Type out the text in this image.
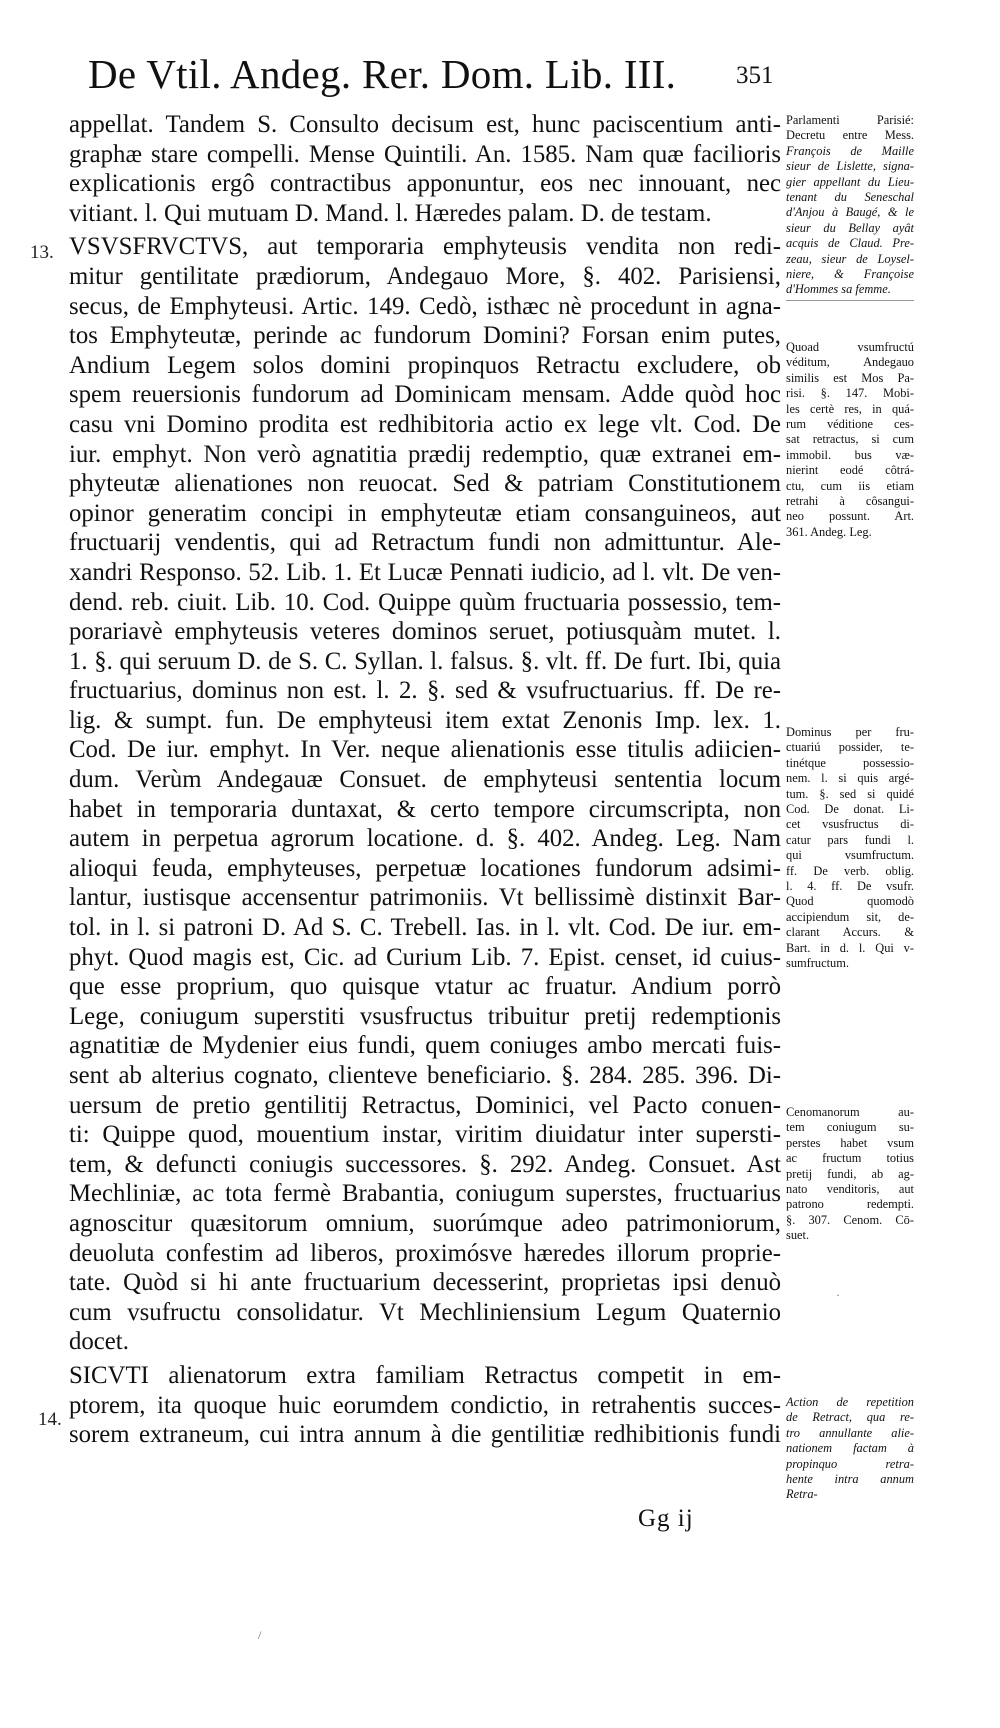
De Vtil. Andeg. Rer. Dom. Lib. III. 351
13.
14.
appellat. Tandem S. Consulto decisum est, hunc paciscentium anti-
graphæ stare compelli. Mense Quintili. An. 1585. Nam quæ facilioris
explicationis ergô contractibus apponuntur, eos nec innouant, nec
vitiant. l. Qui mutuam D. Mand. l. Hæredes palam. D. de testam.
VSVSFRVCTVS, aut temporaria emphyteusis vendita non redi-
mitur gentilitate prædiorum, Andegauo More, §. 402. Parisiensi,
secus, de Emphyteusi. Artic. 149. Cedò, isthæc nè procedunt in agna-
tos Emphyteutæ, perinde ac fundorum Domini? Forsan enim putes,
Andium Legem solos domini propinquos Retractu excludere, ob
spem reuersionis fundorum ad Dominicam mensam. Adde quòd hoc
casu vni Domino prodita est redhibitoria actio ex lege vlt. Cod. De
iur. emphyt. Non verò agnatitia prædij redemptio, quæ extranei em-
phyteutæ alienationes non reuocat. Sed & patriam Constitutionem
opinor generatim concipi in emphyteutæ etiam consanguineos, aut
fructuarij vendentis, qui ad Retractum fundi non admittuntur. Ale-
xandri Responso. 52. Lib. 1. Et Lucæ Pennati iudicio, ad l. vlt. De ven-
dend. reb. ciuit. Lib. 10. Cod. Quippe quùm fructuaria possessio, tem-
porariavè emphyteusis veteres dominos seruet, potiusquàm mutet. l.
1. §. qui seruum D. de S. C. Syllan. l. falsus. §. vlt. ff. De furt. Ibi, quia
fructuarius, dominus non est. l. 2. §. sed & vsufructuarius. ff. De re-
lig. & sumpt. fun. De emphyteusi item extat Zenonis Imp. lex. 1.
Cod. De iur. emphyt. In Ver. neque alienationis esse titulis adiicien-
dum. Verùm Andegauæ Consuet. de emphyteusi sententia locum
habet in temporaria duntaxat, & certo tempore circumscripta, non
autem in perpetua agrorum locatione. d. §. 402. Andeg. Leg. Nam
alioqui feuda, emphyteuses, perpetuæ locationes fundorum adsimi-
lantur, iustisque accensentur patrimoniis. Vt bellissimè distinxit Bar-
tol. in l. si patroni D. Ad S. C. Trebell. Ias. in l. vlt. Cod. De iur. em-
phyt. Quod magis est, Cic. ad Curium Lib. 7. Epist. censet, id cuius-
que esse proprium, quo quisque vtatur ac fruatur. Andium porrò
Lege, coniugum superstiti vsusfructus tribuitur pretij redemptionis
agnatitiæ de Mydenier eius fundi, quem coniuges ambo mercati fuis-
sent ab alterius cognato, clienteve beneficiario. §. 284. 285. 396. Di-
uersum de pretio gentilitij Retractus, Dominici, vel Pacto conuen-
ti: Quippe quod, mouentium instar, viritim diuidatur inter supersti-
tem, & defuncti coniugis successores. §. 292. Andeg. Consuet. Ast
Mechliniæ, ac tota fermè Brabantia, coniugum superstes, fructuarius
agnoscitur quæsitorum omnium, suorúmque adeo patrimoniorum,
deuoluta confestim ad liberos, proximósve hæredes illorum proprie-
tate. Quòd si hi ante fructuarium decesserint, proprietas ipsi denuò
cum vsufructu consolidatur. Vt Mechliniensium Legum Quaternio
docet.
SICVTI alienatorum extra familiam Retractus competit in em-
ptorem, ita quoque huic eorumdem condictio, in retrahentis succes-
sorem extraneum, cui intra annum à die gentilitiæ redhibitionis fundi
Parlamenti Parisié:
Decretu entre Mess.
François de Maille
sieur de Lislette, signa-
gier appellant du Lieu-
tenant du Seneschal
d'Anjou à Baugé, & le
sieur du Bellay ayât
acquis de Claud. Pre-
zeau, sieur de Loysel-
niere, & Françoise
d'Hommes sa femme.
Quoad vsumfructú
véditum, Andegauo
similis est Mos Pa-
risi. §. 147. Mobi-
les certè res, in quá-
rum véditione ces-
sat retractus, si cum
immobil. bus væ-
nierint eodé côtrá-
ctu, cum iis etiam
retrahi à côsangui-
neo possunt. Art.
361. Andeg. Leg.
Dominus per fru-
ctuariú possider, te-
tinétque possessio-
nem. l. si quis argé-
tum. §. sed si quidé
Cod. De donat. Li-
cet vsusfructus di-
catur pars fundi l.
qui vsumfructum.
ff. De verb. oblig.
l. 4. ff. De vsufr.
Quod quomodò
accipiendum sit, de-
clarant Accurs. &
Bart. in d. l. Qui v-
sumfructum.
Cenomanorum au-
tem coniugum su-
perstes habet vsum
ac fructum totius
pretij fundi, ab ag-
nato venditoris, aut
patrono redempti.
§. 307. Cenom. Cō-
suet.
Action de repetition
de Retract, qua re-
tro annullante alie-
nationem factam à
propinquo retra-
hente intra annum
Retra-
Gg ij
/
·
